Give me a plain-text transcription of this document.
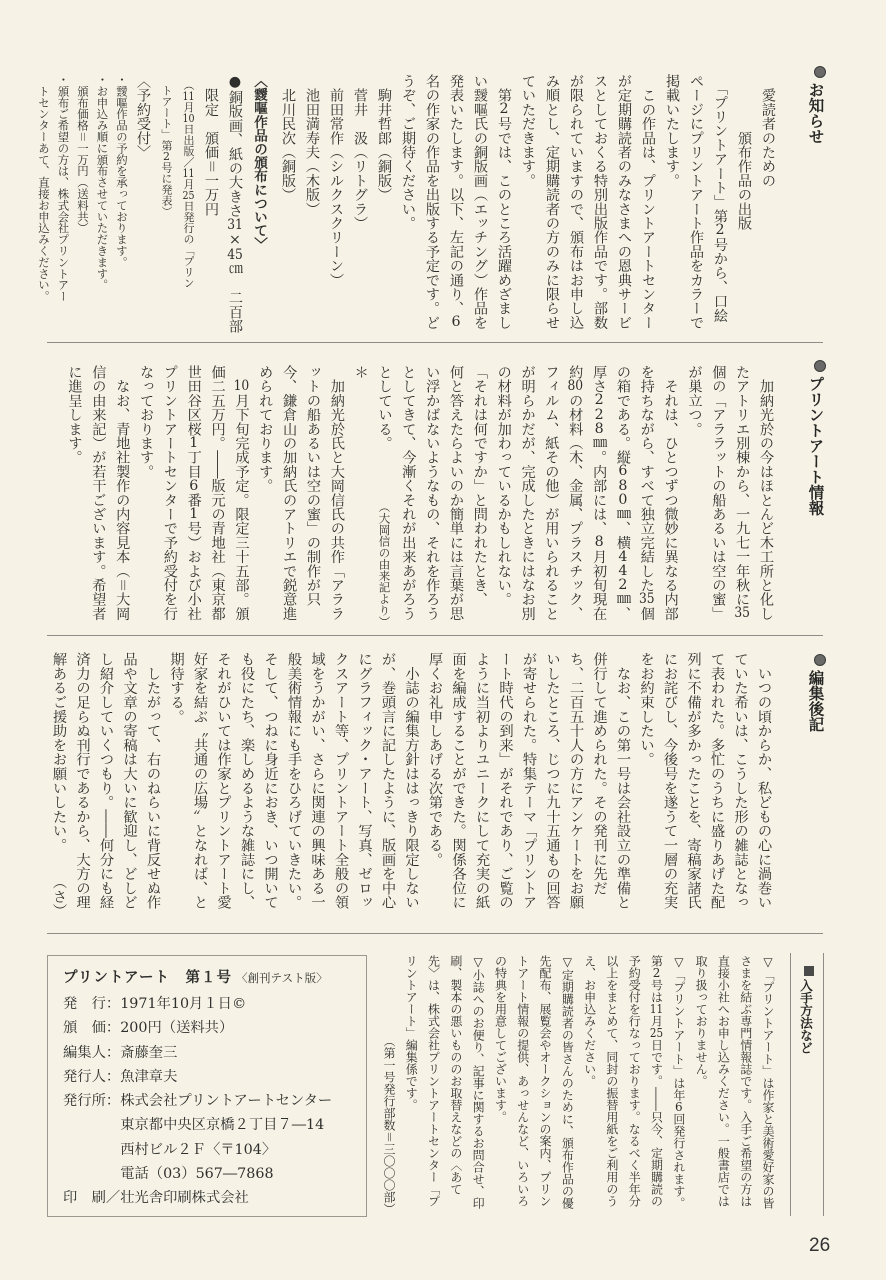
お知らせ
　愛読者のための
　　　　頒布作品の出版
　「プリントアート」第2号から、口絵
ページにプリントアート作品をカラーで
掲載いたします。
　この作品は、プリントアートセンター
が定期購読者のみなさまへの恩典サービ
スとしておくる特別出版作品です。部数
が限られていますので、頒布はお申し込
み順とし、定期購読者の方のみに限らせ
ていただきます。
　第2号では、このところ活躍めざまし
い靉嘔氏の銅版画（エッチング）作品を
発表いたします。以下、左記の通り、6
名の作家の作品を出版する予定です。ど
うぞ、ご期待ください。
　駒井哲郎（銅版）
　菅井　汲（リトグラ）
　前田常作（シルクスクリーン）
　池田満寿夫（木版）
　北川民次（銅版）
〈靉嘔作品の頒布について〉
●銅版画、紙の大きさ31×45㎝　二百部
　限定　頒価＝一万円
　（11月10日出版／11月25日発行の「プリン
　トアート」第2号に発表）
〈予約受付〉
・靉嘔作品の予約を承っております。
・お申込み順に頒布させていただきます。
　頒布価格＝一万円（送料共）
・頒布ご希望の方は、株式会社プリントアー
　トセンターあて、直接お申込みください。
プリントアート情報
　加納光於の今はほとんど木工所と化し
たアトリエ別棟から、一九七一年秋に35
個の「アララットの船あるいは空の蜜」
が巣立つ。
　それは、ひとつずつ微妙に異なる内部
を持ちながら、すべて独立完結した35個
の箱である。縦680㎜、横442㎜、
厚さ228㎜。内部には、8月初旬現在
約80の材料（木、金属、プラスチック、
フィルム、紙その他）が用いられること
が明らかだが、完成したときにはなお別
の材料が加わっているかもしれない。
「それは何ですか」と問われたとき、
何と答えたらよいのか簡単には言葉が思
い浮かばないようなもの、それを作ろう
としてきて、今漸くそれが出来あがろう
としている。
（大岡信の由来記より）
＊
　加納光於氏と大岡信氏の共作「アララ
ットの船あるいは空の蜜」の制作が只
今、鎌倉山の加納氏のアトリエで鋭意進
められております。
　10月下旬完成予定。限定三十五部。頒
価二五万円。――版元の青地社（東京都
世田谷区桜1丁目6番1号）および小社
プリントアートセンターで予約受付を行
なっております。
　なお、青地社製作の内容見本（＝大岡
信の由来記）が若干ございます。希望者
に進呈します。
編集後記
　いつの頃からか、私どもの心に渦巻い
ていた希いは、こうした形の雑誌となっ
て表われた。多忙のうちに盛りあげた配
列に不備が多かったことを、寄稿家諸氏
にお詫びし、今後号を遂うて一層の充実
をお約束したい。
　なお、この第一号は会社設立の準備と
併行して進められた。その発刊に先だ
ち、二百五十人の方にアンケートをお願
いしたところ、じつに九十五通もの回答
が寄せられた。特集テーマ「プリントア
ート時代の到来」がそれであり、ご覧の
ように当初よりユニークにして充実の紙
面を編成することができた。関係各位に
厚くお礼申しあげる次第である。
　小誌の編集方針ははっきり限定しない
が、巻頭言に記したように、版画を中心
にグラフィック・アート、写真、ゼロッ
クスアート等、プリントアート全般の領
域をうかがい、さらに関連の興味ある一
般美術情報にも手をひろげていきたい。
そして、つねに身近におき、いつ開いて
も役にたち、楽しめるような雑誌にし、
それがひいては作家とプリントアート愛
好家を結ぶ〝共通の広場〟となれば、と
期待する。
　したがって、右のねらいに背反せぬ作
品や文章の寄稿は大いに歓迎し、どしど
し紹介していくつもり。――何分にも経
済力の足らぬ刊行であるから、大方の理
解あるご援助をお願いしたい。
（さ）
入手方法など
▽「プリントアート」は作家と美術愛好家の皆
さまを結ぶ専門情報誌です。入手ご希望の方は
直接小社へお申し込みください。一般書店では
取り扱っておりません。
▽「プリントアート」は年6回発行されます。
第2号は11月25日です。――只今、定期購読の
予約受付を行なっております。なるべく半年分
以上をまとめて、同封の振替用紙をご利用のう
え、お申込みください。
▽定期購読者の皆さんのために、頒布作品の優
先配布、展覧会やオークションの案内、プリン
トアート情報の提供、あっせんなど、いろいろ
の特典を用意してございます。
▽小誌へのお便り、記事に関するお問合せ、印
刷、製本の悪いもののお取替えなどの〈あて
先〉は、株式会社プリントアートセンター「プ
リントアート」編集係です。
（第一号発行部数＝三〇〇〇部）
プリントアート　第１号 〈創刊テスト版〉
発　行：1971年10月１日©
頒　価：200円（送料共）
編集人：斎藤奎三
発行人：魚津章夫
発行所：株式会社プリントアートセンター
東京都中央区京橋２丁目７―14
西村ビル２Ｆ〈〒104〉
電話（03）567―7868
印　刷／壮光舎印刷株式会社
26
